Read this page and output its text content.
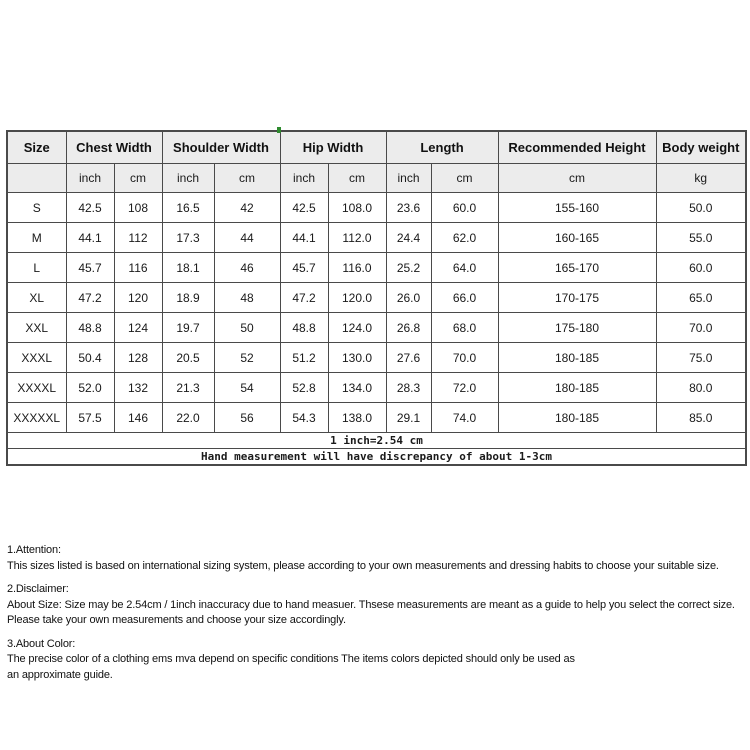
Size	Chest Width		Shoulder Width		Hip Width		Length		Recommended Height	Body weight
	inch	cm	inch	cm	inch	cm	inch	cm	cm	kg
S	42.5	108	16.5	42	42.5	108.0	23.6	60.0	155-160	50.0
M	44.1	112	17.3	44	44.1	112.0	24.4	62.0	160-165	55.0
L	45.7	116	18.1	46	45.7	116.0	25.2	64.0	165-170	60.0
XL	47.2	120	18.9	48	47.2	120.0	26.0	66.0	170-175	65.0
XXL	48.8	124	19.7	50	48.8	124.0	26.8	68.0	175-180	70.0
XXXL	50.4	128	20.5	52	51.2	130.0	27.6	70.0	180-185	75.0
XXXXL	52.0	132	21.3	54	52.8	134.0	28.3	72.0	180-185	80.0
XXXXXL	57.5	146	22.0	56	54.3	138.0	29.1	74.0	180-185	85.0
1 inch=2.54 cm										
Hand measurement will have discrepancy of about 1-3cm										
1.Attention:
This sizes listed is based on international sizing system, please according to your own measurements and dressing habits to choose your suitable size.
2.Disclaimer:
About Size: Size may be 2.54cm / 1inch inaccuracy due to hand measuer. Thsese measurements are meant as a guide to help you select the correct size.
Please take your own measurements and choose your size accordingly.
3.About Color:
The precise color of a clothing ems mva depend on specific conditions The items colors depicted should only be used as
an approximate guide.
